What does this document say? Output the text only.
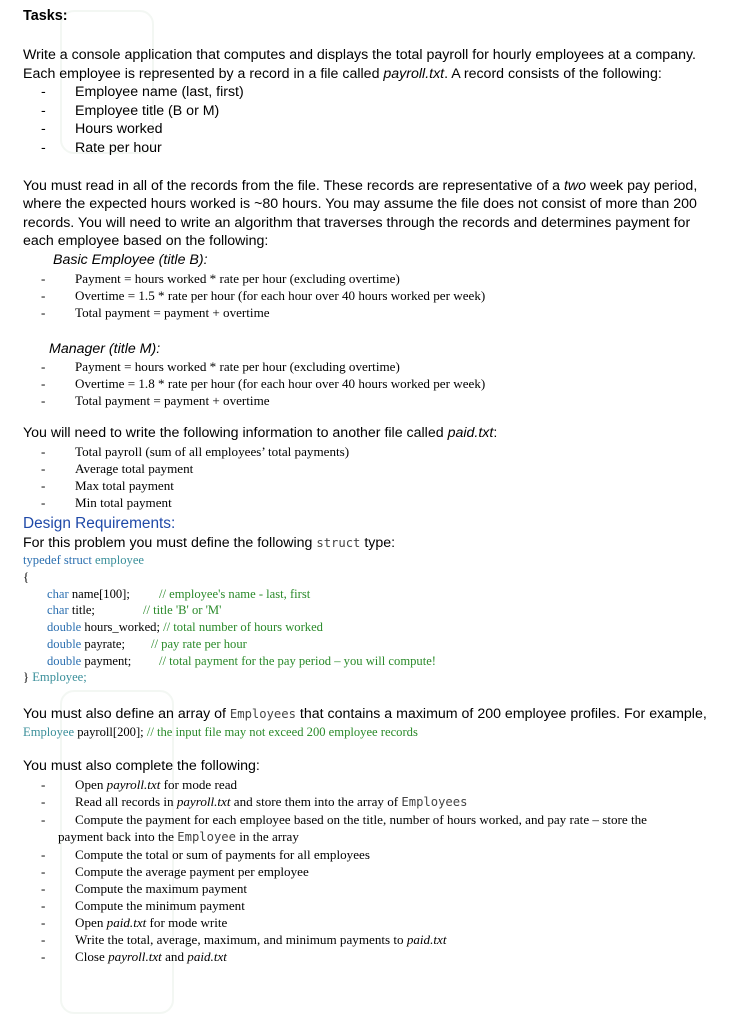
Tasks:

Write a console application that computes and displays the total payroll for hourly employees at a company. Each employee is represented by a record in a file called payroll.txt. A record consists of the following:

- Employee name (last, first)
- Employee title (B or M)
- Hours worked
- Rate per hour

You must read in all of the records from the file. These records are representative of a two week pay period, where the expected hours worked is ~80 hours. You may assume the file does not consist of more than 200 records. You will need to write an algorithm that traverses through the records and determines payment for each employee based on the following:

Basic Employee (title B):

- Payment = hours worked * rate per hour (excluding overtime)
- Overtime = 1.5 * rate per hour (for each hour over 40 hours worked per week)
- Total payment = payment + overtime

Manager (title M):

- Payment = hours worked * rate per hour (excluding overtime)
- Overtime = 1.8 * rate per hour (for each hour over 40 hours worked per week)
- Total payment = payment + overtime

You will need to write the following information to another file called paid.txt:

- Total payroll (sum of all employees’ total payments)
- Average total payment
- Max total payment
- Min total payment

Design Requirements:

For this problem you must define the following struct type:

typedef struct employee
{
char name[100];	// employee's name - last, first
char title;	// title 'B' or 'M'
double hours_worked; // total number of hours worked
double payrate;	// pay rate per hour
double payment;	// total payment for the pay period – you will compute!
} Employee;

You must also define an array of Employees that contains a maximum of 200 employee profiles. For example,

Employee payroll[200]; // the input file may not exceed 200 employee records

You must also complete the following:

- Open payroll.txt for mode read
- Read all records in payroll.txt and store them into the array of Employees
- Compute the payment for each employee based on the title, number of hours worked, and pay rate – store the
payment back into the Employee in the array
- Compute the total or sum of payments for all employees
- Compute the average payment per employee
- Compute the maximum payment
- Compute the minimum payment
- Open paid.txt for mode write
- Write the total, average, maximum, and minimum payments to paid.txt
- Close payroll.txt and paid.txt
